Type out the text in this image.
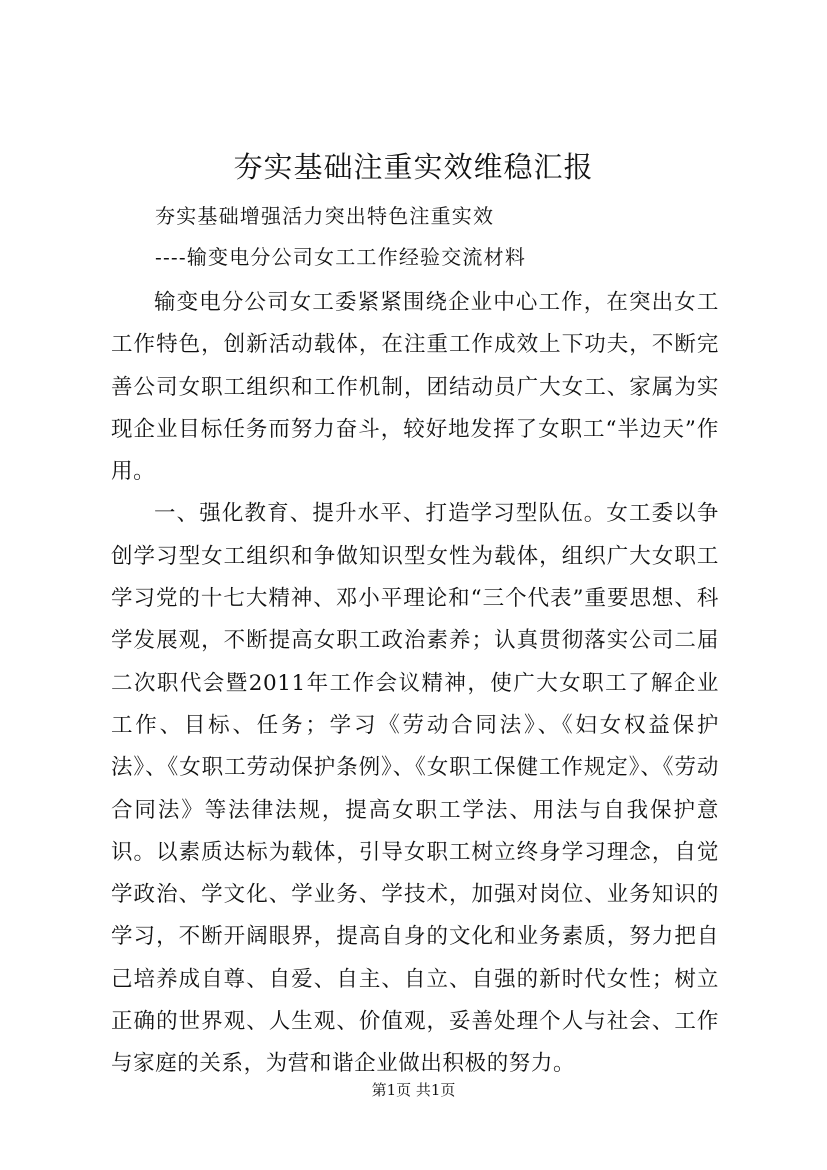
夯实基础注重实效维稳汇报
夯实基础增强活力突出特色注重实效
----输变电分公司女工工作经验交流材料

输变电分公司女工委紧紧围绕企业中心工作，在突出女工工作特色，创新活动载体，在注重工作成效上下功夫，不断完善公司女职工组织和工作机制，团结动员广大女工、家属为实现企业目标任务而努力奋斗，较好地发挥了女职工“半边天”作用。

一、强化教育、提升水平、打造学习型队伍。女工委以争创学习型女工组织和争做知识型女性为载体，组织广大女职工学习党的十七大精神、邓小平理论和“三个代表”重要思想、科学发展观，不断提高女职工政治素养；认真贯彻落实公司二届二次职代会暨2011年工作会议精神，使广大女职工了解企业工作、目标、任务；学习《劳动合同法》、《妇女权益保护法》、《女职工劳动保护条例》、《女职工保健工作规定》、《劳动合同法》等法律法规，提高女职工学法、用法与自我保护意识。以素质达标为载体，引导女职工树立终身学习理念，自觉学政治、学文化、学业务、学技术，加强对岗位、业务知识的学习，不断开阔眼界，提高自身的文化和业务素质，努力把自己培养成自尊、自爱、自主、自立、自强的新时代女性；树立正确的世界观、人生观、价值观，妥善处理个人与社会、工作与家庭的关系，为营和谐企业做出积极的努力。

第1页 共1页
